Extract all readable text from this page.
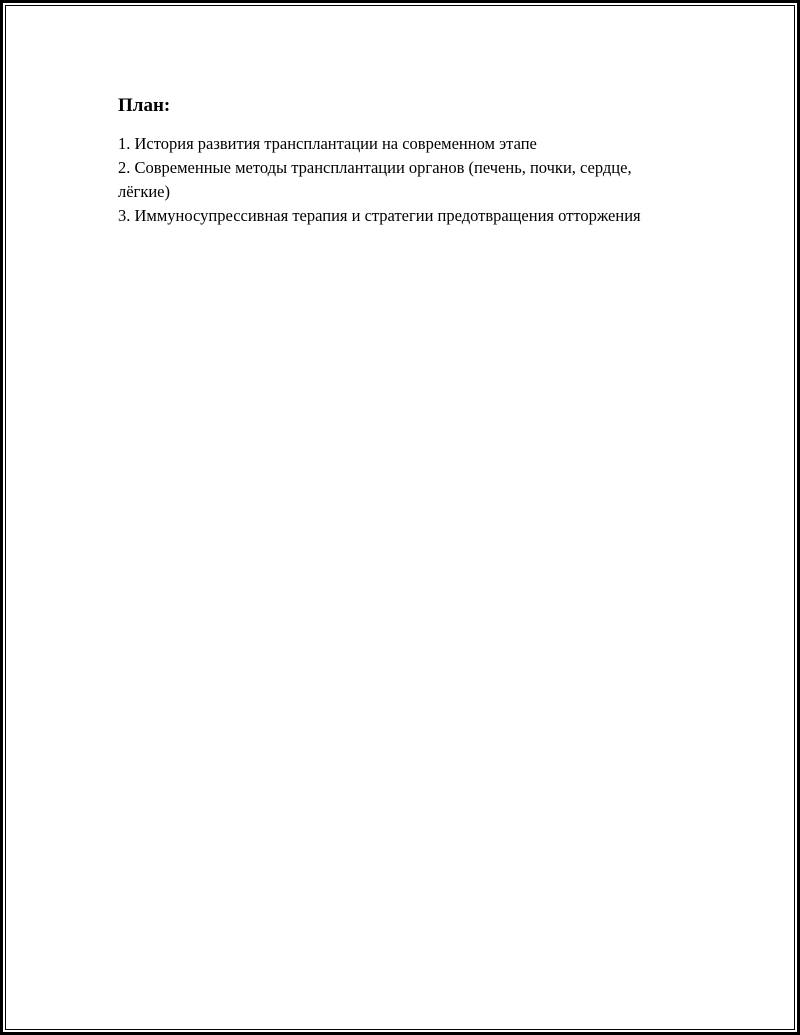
План:
1. История развития трансплантации на современном этапе
2. Современные методы трансплантации органов (печень, почки, сердце, лёгкие)
3. Иммуносупрессивная терапия и стратегии предотвращения отторжения
